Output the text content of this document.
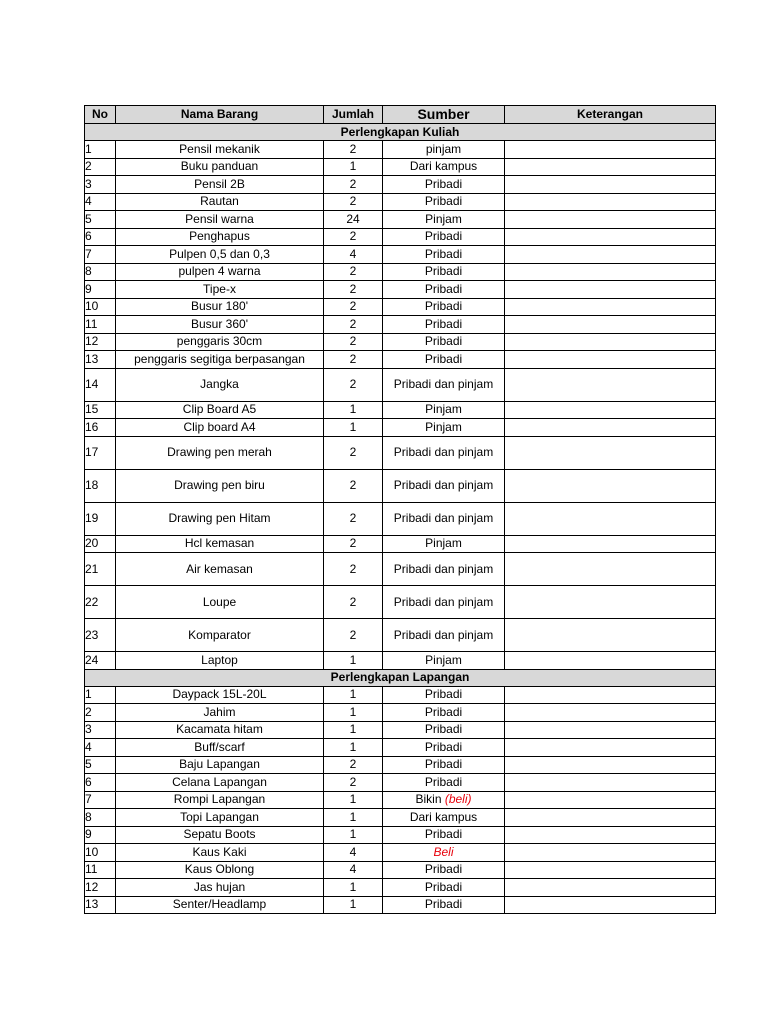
No	Nama Barang	Jumlah	Sumber	Keterangan
Perlengkapan Kuliah				
1	Pensil mekanik	2	pinjam	
2	Buku panduan	1	Dari kampus	
3	Pensil 2B	2	Pribadi	
4	Rautan	2	Pribadi	
5	Pensil warna	24	Pinjam	
6	Penghapus	2	Pribadi	
7	Pulpen 0,5 dan 0,3	4	Pribadi	
8	pulpen 4 warna	2	Pribadi	
9	Tipe-x	2	Pribadi	
10	Busur 180'	2	Pribadi	
11	Busur 360'	2	Pribadi	
12	penggaris 30cm	2	Pribadi	
13	penggaris segitiga berpasangan	2	Pribadi	
14	Jangka	2	Pribadi dan pinjam	
15	Clip Board A5	1	Pinjam	
16	Clip board A4	1	Pinjam	
17	Drawing pen merah	2	Pribadi dan pinjam	
18	Drawing pen biru	2	Pribadi dan pinjam	
19	Drawing pen Hitam	2	Pribadi dan pinjam	
20	Hcl kemasan	2	Pinjam	
21	Air kemasan	2	Pribadi dan pinjam	
22	Loupe	2	Pribadi dan pinjam	
23	Komparator	2	Pribadi dan pinjam	
24	Laptop	1	Pinjam	
Perlengkapan Lapangan				
1	Daypack 15L-20L	1	Pribadi	
2	Jahim	1	Pribadi	
3	Kacamata hitam	1	Pribadi	
4	Buff/scarf	1	Pribadi	
5	Baju Lapangan	2	Pribadi	
6	Celana Lapangan	2	Pribadi	
7	Rompi Lapangan	1	Bikin (beli)	
8	Topi Lapangan	1	Dari kampus	
9	Sepatu Boots	1	Pribadi	
10	Kaus Kaki	4	Beli	
11	Kaus Oblong	4	Pribadi	
12	Jas hujan	1	Pribadi	
13	Senter/Headlamp	1	Pribadi	
